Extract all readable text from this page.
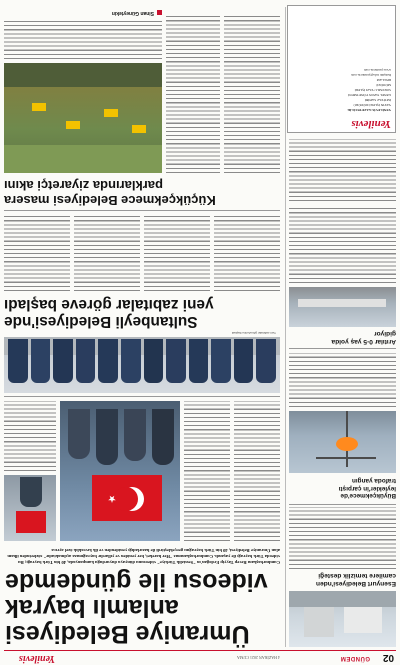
02
GÜNDEM
4 HAZİRAN 2021 CUMA
Yenilevis
Ümraniye Belediyesi
anlamlı bayrak
videosu ile gündemde
Cumhurbaşkanı Recep Tayyip Erdoğan'ın "Sessizlik Türkiye" videosunu dünyaya duyurduğu kampanyada, 40 bin Türk bayrağı; Bu videoda Türk bayrağı ile yaşandı. Cumhurbaşkanımız "Her hareket, her yeniden ve yıllardır bayrağımıza açılmaktadır" sözlerinden ilham alan Ümraniye Belediyesi, 40 bin Türk bayrağını gerçekleştirdi ile hazırladığı yenidenden ve ilk kıvraklık özel ayrıca
Esenyurt Belediyesi'nden
camilere temizlik desteği
Büyükçekmece'de
leylekler'in çarpıştı
trafoda yangın
Yeni zabıtalar görevlerine başladı
Sultanbeyli Belediyesi'nde
yeni zabıtalar göreve başladı
Arıtılar 0-5 yaş yolda
gidiyor
Küçükçekmece Belediyesi masera
parklarında ziyaretçi akını
Sinan Güneytekin
Yenilevis
YENİLEVİS GAZETECİLİK
YAYIN İŞLERİ MÜDÜRÜ
İMTİYAZ SAHİBİ
GENEL YAYIN YÖNETMENİ
SORUMLU YAZI İŞLERİ
MÜDÜRÜ
REKLAM
İletişim: info@yenilevis.com
www.yenilevis.com
